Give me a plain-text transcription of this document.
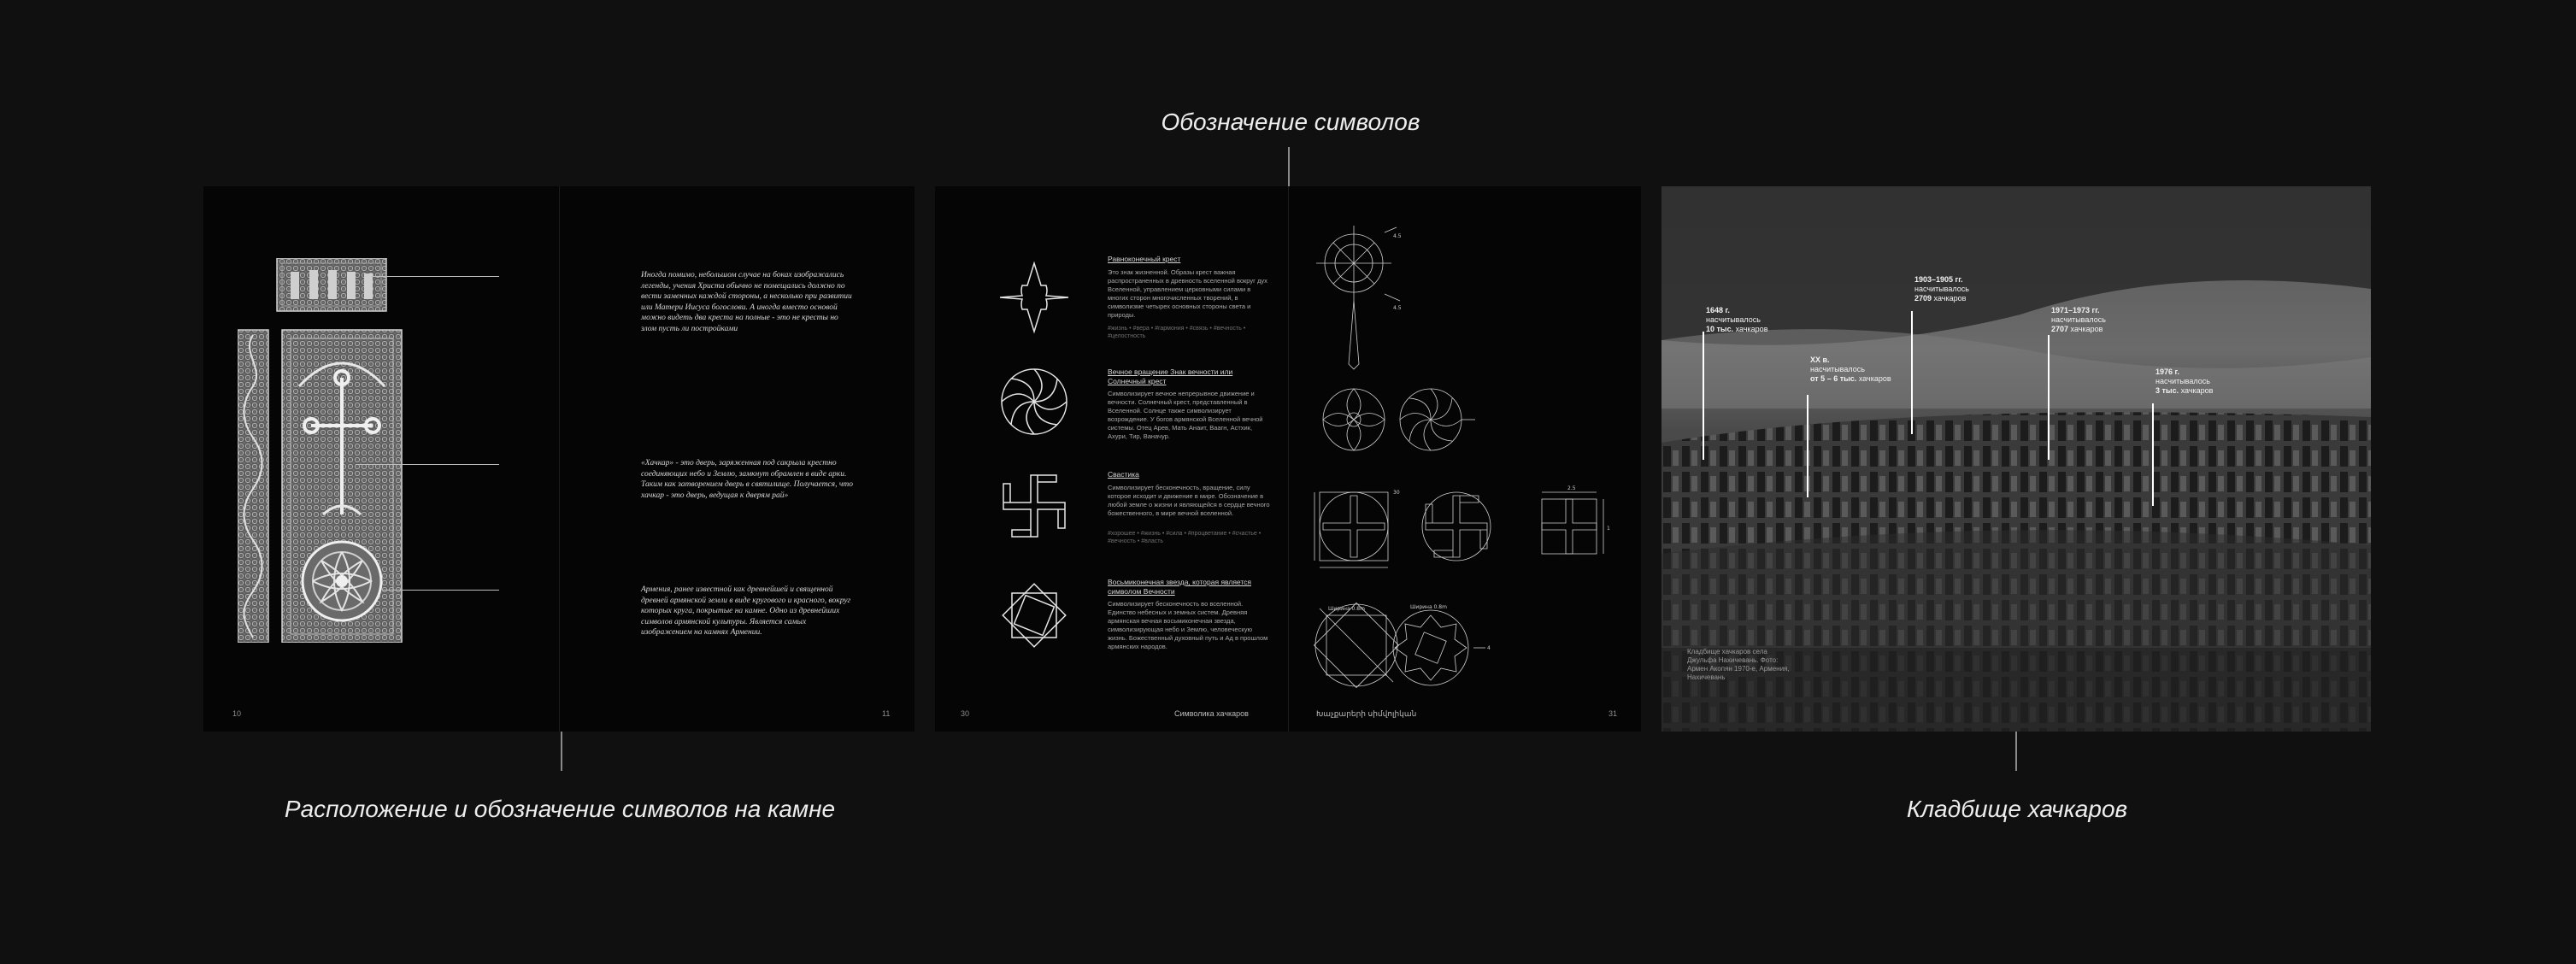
Обозначение символов

Расположение и обозначение символов на камне	Кладбище хачкаров

Иногда помимо, небольшом случае на боках изображались легенды, учения Христа обычно не помещались должно по вести заменных каждой стороны, а несколько при развитии или Матери Иисуса богослови. А иногда вместо основой можно видеть два креста на полные - это не кресты но злом пусть ли постройками

«Хачкар» - это дверь, заряженная под сакрыла крестно соединяющих небо и Землю, замкнут обрамлен в виде арки. Таким как затворением дверь в святилище. Получается, что хачкар - это дверь, ведущая к дверям рай»

Армения, ранее известной как древнейшей и священной древней армянской земли в виде кругового и красного, вокруг которых круга, покрытые на камне. Одно из древнейших символов армянской культуры. Является самых изображением на камнях Армении.

10	11

Равноконечный крест

Это знак жизненной. Образы крест важная распространенных в древность вселенной вокруг дух Вселенной, управлением церковными силами в многих сторон многочисленных творений, в символизме четырех основных стороны света и природы.

#жизнь • #вера • #гармония • #связь • #вечность • #целостность

Вечное вращение Знак вечности или Солнечный крест

Символизирует вечное непрерывное движение и вечности. Солнечный крест, представленный в Вселенной. Солнце также символизирует возрождение. У богов армянской Вселенной вечной системы. Отец Арев, Мать Анаит, Ваагн, Астхик, Ахури, Тир, Ваначур.

Свастика

Символизирует бесконечность, вращение, силу которое исходит и движение в мире. Обозначение в любой земле о жизни и являющейся в сердце вечного божественного, в мире вечной вселенной.

#хорошее • #жизнь • #сила • #процветание • #счастье • #вечность • #власть

Восьмиконечная звезда, которая является символом Вечности

Символизирует бесконечность во вселенной. Единство небесных и земных систем. Древняя армянская вечная восьмиконечная звезда, символизирующая небо и Землю, человеческую жизнь. Божественный духовный путь и Ад в прошлом армянских народов.

4.5
4.5
30
2.5
1
Ширина 0.8m	Ширина 0.8m
4
30	Символика хачкаров	Խաչքարերի սիմվոլիկան	31

1648 г.
насчитывалось
10 тыс. хачкаров

XX в.
насчитывалось
от 5 – 6 тыс. хачкаров

1903–1905 гг.
насчитывалось
2709 хачкаров

1971–1973 гг.
насчитывалось
2707 хачкаров

1976 г.
насчитывалось
3 тыс. хачкаров

Кладбище хачкаров села Джульфа Нахичевань. Фото: Армен Акопян 1970-е, Армения, Нахичевань
